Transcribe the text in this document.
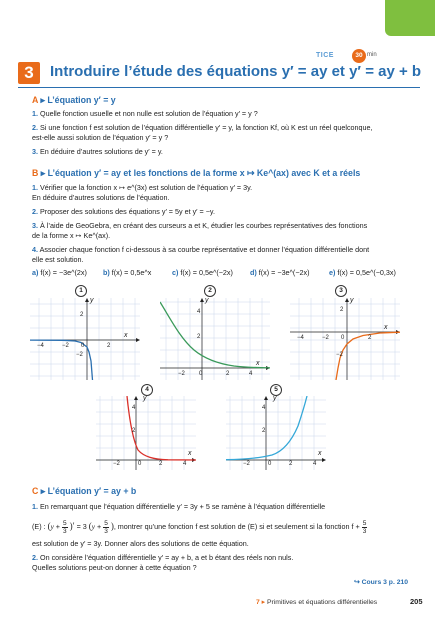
TICE	30 min
3	Introduire l’étude des équations y′ = ay et y′ = ay + b
A ▸ L’équation y′ = y
1. Quelle fonction usuelle et non nulle est solution de l’équation y′ = y ?
2. Si une fonction f est solution de l’équation différentielle y′ = y, la fonction Kf, où K est un réel quelconque,
est-elle aussi solution de l’équation y′ = y ?
3. En déduire d’autres solutions de y′ = y.
B ▸ L’équation y′ = ay et les fonctions de la forme x ↦ Ke^(ax) avec K et a réels
1. Vérifier que la fonction x ↦ e^(3x) est solution de l’équation y′ = 3y.
En déduire d’autres solutions de l’équation.
2. Proposer des solutions des équations y′ = 5y et y′ = −y.
3. À l’aide de GeoGebra, en créant des curseurs a et K, étudier les courbes représentatives des fonctions
de la forme x ↦ Ke^(ax).
4. Associer chaque fonction f ci-dessous à sa courbe représentative et donner l’équation différentielle dont
elle est solution.
a) f(x) = −3e^(2x) b) f(x) = 0,5e^x	c) f(x) = 0,5e^(−2x) d) f(x) = −3e^(−2x)	e) f(x) = 0,5e^(−0,3x)
1	2	3
4	5
−4	−2 0	2
2
−2
y
x
−2 0	2	4
4
2
y
x
−4	−2 0	2
2
−2
y
x
−2	0	2	4
4
2
y
x
−2	0	2	4
4
2
y
x
C ▸ L’équation y′ = ay + b
1. En remarquant que l’équation différentielle y′ = 3y + 5 se ramène à l’équation différentielle
(E) : ($y + \frac{5}{3}$ )′ = 3 ($y + \frac{5}{3}$ ), montrer qu’une fonction f est solution de (E) si et seulement si la fonction $f + \frac{5}{3}$
est solution de y′ = 3y. Donner alors des solutions de cette équation.
2. On considère l’équation différentielle y′ = ay + b, a et b étant des réels non nuls.
Quelles solutions peut-on donner à cette équation ?
↪ Cours 3 p. 210
7 ▸ Primitives et équations différentielles	205
